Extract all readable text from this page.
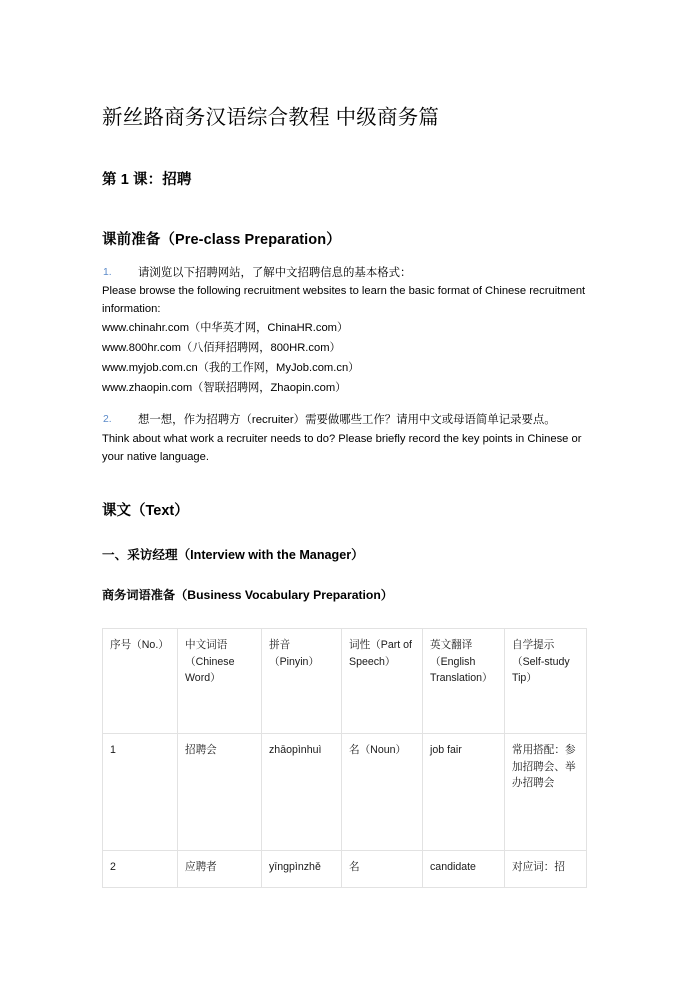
新丝路商务汉语综合教程 中级商务篇
第 1 课：招聘
课前准备（Pre-class Preparation）
1. 请浏览以下招聘网站，了解中文招聘信息的基本格式：

Please browse the following recruitment websites to learn the basic format of Chinese recruitment information:

www.chinahr.com（中华英才网，ChinaHR.com）

www.800hr.com（八佰拜招聘网，800HR.com）

www.myjob.com.cn（我的工作网，MyJob.com.cn）

www.zhaopin.com（智联招聘网，Zhaopin.com）

2. 想一想，作为招聘方（recruiter）需要做哪些工作？请用中文或母语简单记录要点。

Think about what work a recruiter needs to do? Please briefly record the key points in Chinese or your native language.

课文（Text）
一、采访经理（Interview with the Manager）
商务词语准备（Business Vocabulary Preparation）
序号（No.）	中文词语（Chinese Word）	拼音（Pinyin）	词性（Part of Speech）	英文翻译（English Translation）	自学提示（Self-study Tip）
1	招聘会	zhāopìnhuì	名（Noun）	job fair	常用搭配：参加招聘会、举办招聘会
2	应聘者	yīngpìnzhě	名	candidate	对应词：招
